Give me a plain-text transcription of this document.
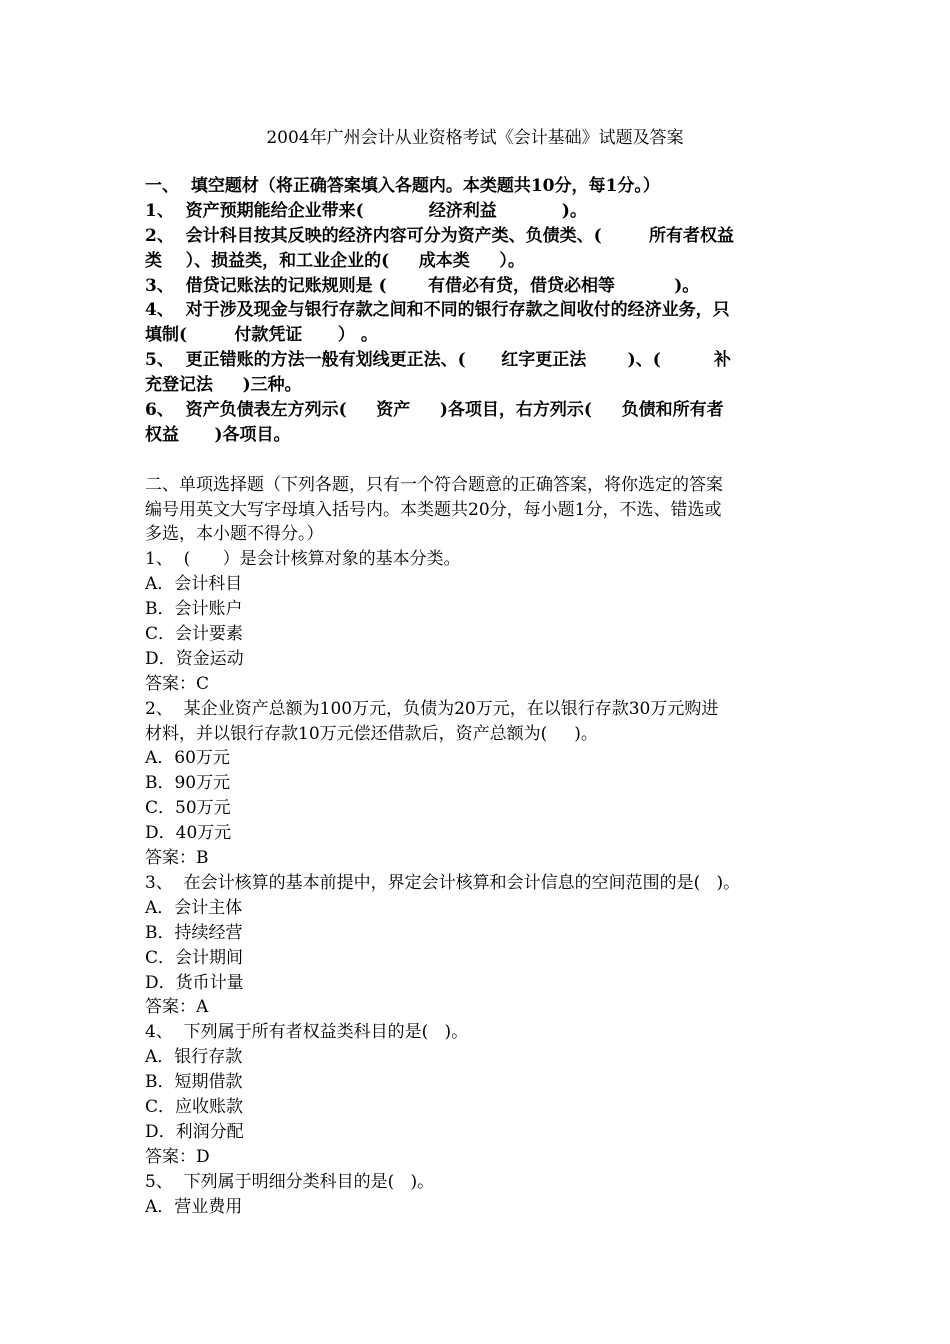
2004年广州会计从业资格考试《会计基础》试题及答案
一、  填空题材（将正确答案填入各题内。本类题共10分，每1分。）
1、  资产预期能给企业带来(           经济利益           )。
2、  会计科目按其反映的经济内容可分为资产类、负债类、(        所有者权益
类    ）、损益类，和工业企业的(     成本类     ）。
3、  借贷记账法的记账规则是 (       有借必有贷，借贷必相等          )。
4、  对于涉及现金与银行存款之间和不同的银行存款之间收付的经济业务，只
填制(        付款凭证      ） 。
5、  更正错账的方法一般有划线更正法、(      红字更正法       )、(         补
充登记法     )三种。
6、  资产负债表左方列示(     资产     )各项目，右方列示(     负债和所有者
权益      )各项目。
二、单项选择题（下列各题，只有一个符合题意的正确答案，将你选定的答案
编号用英文大写字母填入括号内。本类题共20分，每小题1分，不选、错选或
多选，本小题不得分。）
1、  (      ）是会计核算对象的基本分类。
A．会计科目
B．会计账户
C．会计要素
D．资金运动
答案：C
2、  某企业资产总额为100万元，负债为20万元，在以银行存款30万元购进
材料，并以银行存款10万元偿还借款后，资产总额为(     )。
A．60万元
B．90万元
C．50万元
D．40万元
答案：B
3、  在会计核算的基本前提中，界定会计核算和会计信息的空间范围的是(   )。
A．会计主体
B．持续经营
C．会计期间
D．货币计量
答案：A
4、  下列属于所有者权益类科目的是(   )。
A．银行存款
B．短期借款
C．应收账款
D．利润分配
答案：D
5、  下列属于明细分类科目的是(   )。
A．营业费用
